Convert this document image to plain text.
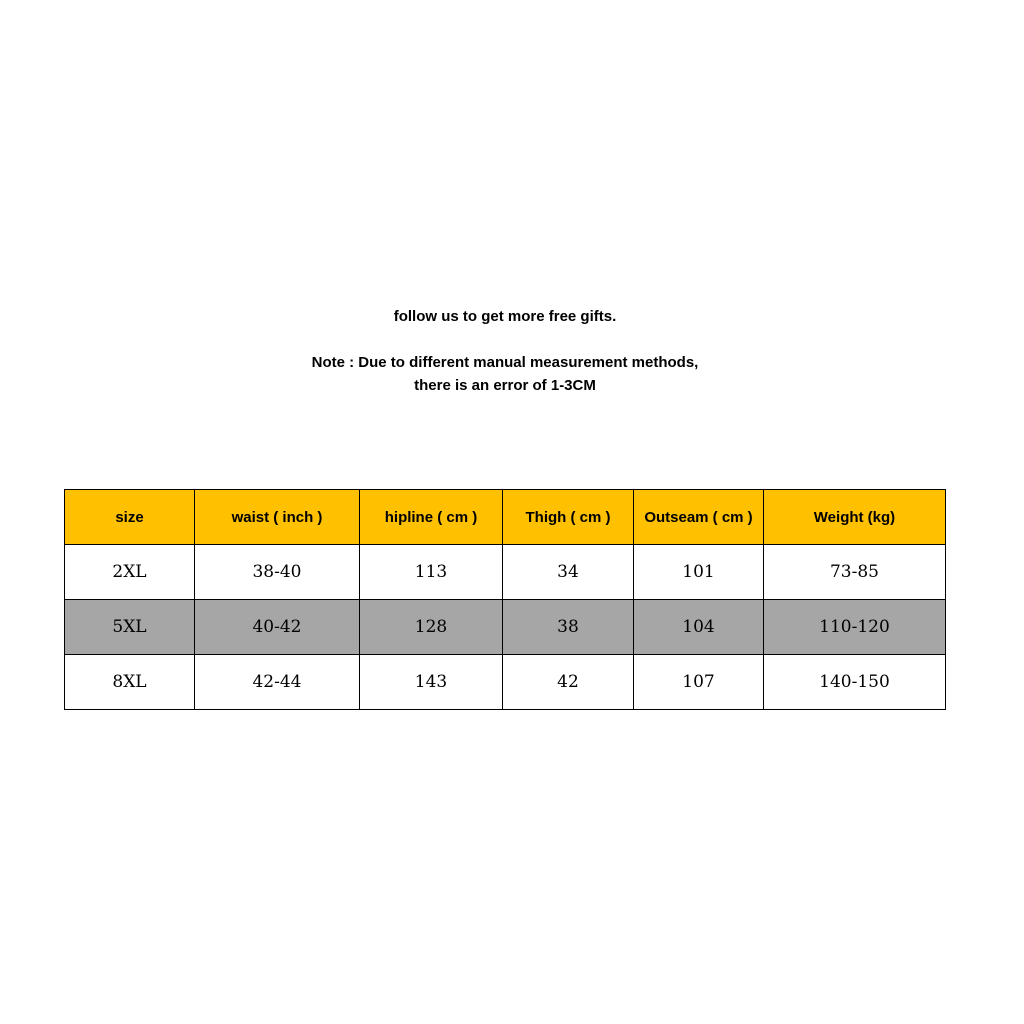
follow us to get more free gifts.
Note : Due to different manual measurement methods,
there is an error of 1-3CM
size	waist ( inch )	hipline ( cm )	Thigh ( cm )	Outseam ( cm )	Weight (kg)
2XL	38-40	113	34	101	73-85
5XL	40-42	128	38	104	110-120
8XL	42-44	143	42	107	140-150
